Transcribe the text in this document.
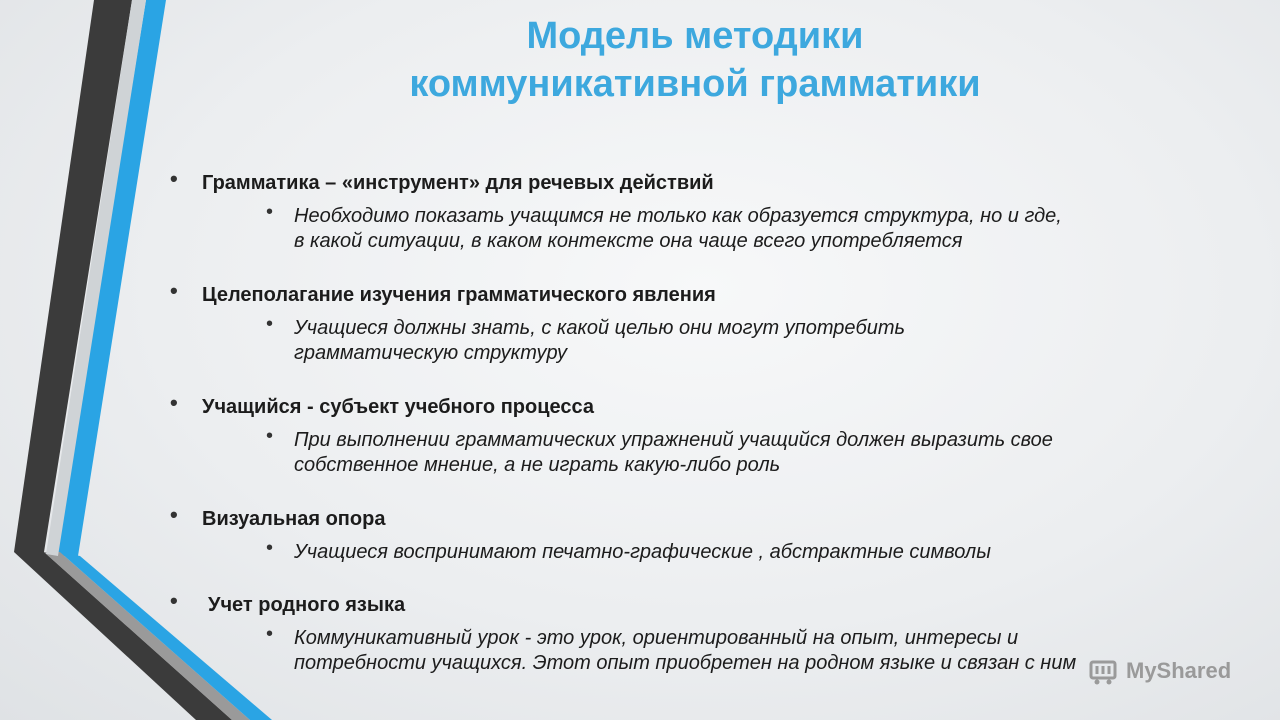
Модель методики
коммуникативной грамматики
• Грамматика – «инструмент» для речевых действий
• Необходимо показать учащимся не только как образуется структура, но и где,
в какой ситуации, в каком контексте она чаще всего употребляется
• Целеполагание изучения грамматического явления
• Учащиеся должны знать, с какой целью они могут употребить
грамматическую структуру
• Учащийся - субъект учебного процесса
• При выполнении грамматических упражнений учащийся должен выразить свое
собственное мнение, а не играть какую-либо роль
• Визуальная опора
• Учащиеся воспринимают печатно-графические , абстрактные символы
• Учет родного языка
• Коммуникативный урок - это урок, ориентированный на опыт, интересы и
потребности учащихся. Этот опыт приобретен на родном языке и связан с ним	MyShared
